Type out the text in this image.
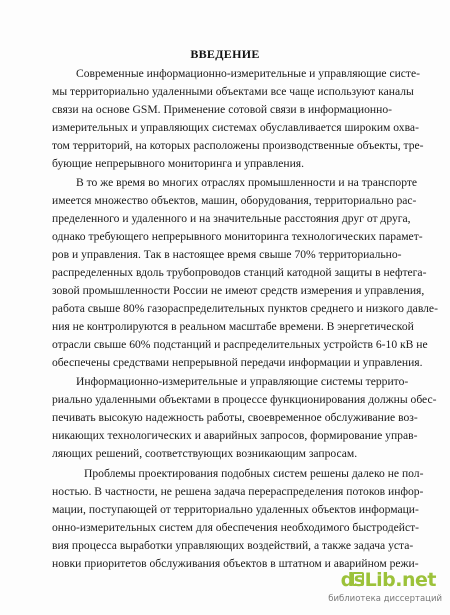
ВВЕДЕНИЕ
Современные информационно-измерительные и управляющие систе-
мы территориально удаленными объектами все чаще используют каналы
связи на основе GSM. Применение сотовой связи в информационно-
измерительных и управляющих системах обуславливается широким охва-
том территорий, на которых расположены производственные объекты, тре-
бующие непрерывного мониторинга и управления.
В то же время во многих отраслях промышленности и на транспорте
имеется множество объектов, машин, оборудования, территориально рас-
пределенного и удаленного и на значительные расстояния друг от друга,
однако требующего непрерывного мониторинга технологических парамет-
ров и управления. Так в настоящее время свыше 70% территориально-
распределенных вдоль трубопроводов станций катодной защиты в нефтега-
зовой промышленности России не имеют средств измерения и управления,
работа свыше 80% газораспределительных пунктов среднего и низкого давле-
ния не контролируются в реальном масштабе времени. В энергетической
отрасли свыше 60% подстанций и распределительных устройств 6-10 кВ не
обеспечены средствами непрерывной передачи информации и управления.
Информационно-измерительные и управляющие системы террито-
риально удаленными объектами в процессе функционирования должны обес-
печивать высокую надежность работы, своевременное обслуживание воз-
никающих технологических и аварийных запросов, формирование управ-
ляющих решений, соответствующих возникающим запросам.
Проблемы проектирования подобных систем решены далеко не пол-
ностью. В частности, не решена задача перераспределения потоков инфор-
мации, поступающей от территориально удаленных объектов информаци-
онно-измерительных систем для обеспечения необходимого быстродейст-
вия процесса выработки управляющих воздействий, а также задача уста-
новки приоритетов обслуживания объектов в штатном и аварийном режи-
dsLib.net
библиотека диссертаций
